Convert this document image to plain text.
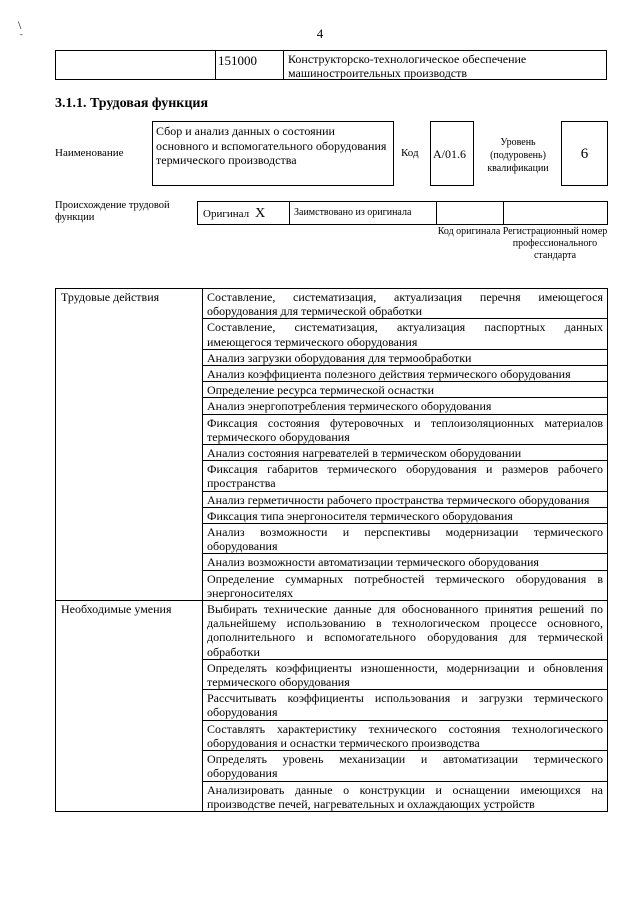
\
-	4
151000	Конструкторско-технологическое обеспечение машиностроительных производств
3.1.1. Трудовая функция
Наименование
Сбор и анализ данных о состоянии основного и вспомогательного оборудования термического производства	Код A/01.6
Уровень (подуровень) квалификации
6
Происхождение трудовой функции	Оригинал X	Заимствовано из оригинала
Код оригинала Регистрационный номер профессионального стандарта
Трудовые действия	Составление, систематизация, актуализация перечня имеющегося оборудования для термической обработки
	Составление, систематизация, актуализация паспортных данных имеющегося термического оборудования
	Анализ загрузки оборудования для термообработки
	Анализ коэффициента полезного действия термического оборудования
	Определение ресурса термической оснастки
	Анализ энергопотребления термического оборудования
	Фиксация состояния футеровочных и теплоизоляционных материалов термического оборудования
	Анализ состояния нагревателей в термическом оборудовании
	Фиксация габаритов термического оборудования и размеров рабочего пространства
	Анализ герметичности рабочего пространства термического оборудования
	Фиксация типа энергоносителя термического оборудования
	Анализ возможности и перспективы модернизации термического оборудования
	Анализ возможности автоматизации термического оборудования
	Определение суммарных потребностей термического оборудования в энергоносителях
Необходимые умения	Выбирать технические данные для обоснованного принятия решений по дальнейшему использованию в технологическом процессе основного, дополнительного и вспомогательного оборудования для термической обработки
	Определять коэффициенты изношенности, модернизации и обновления термического оборудования
	Рассчитывать коэффициенты использования и загрузки термического оборудования
	Составлять характеристику технического состояния технологического оборудования и оснастки термического производства
	Определять уровень механизации и автоматизации термического оборудования
	Анализировать данные о конструкции и оснащении имеющихся на производстве печей, нагревательных и охлаждающих устройств
